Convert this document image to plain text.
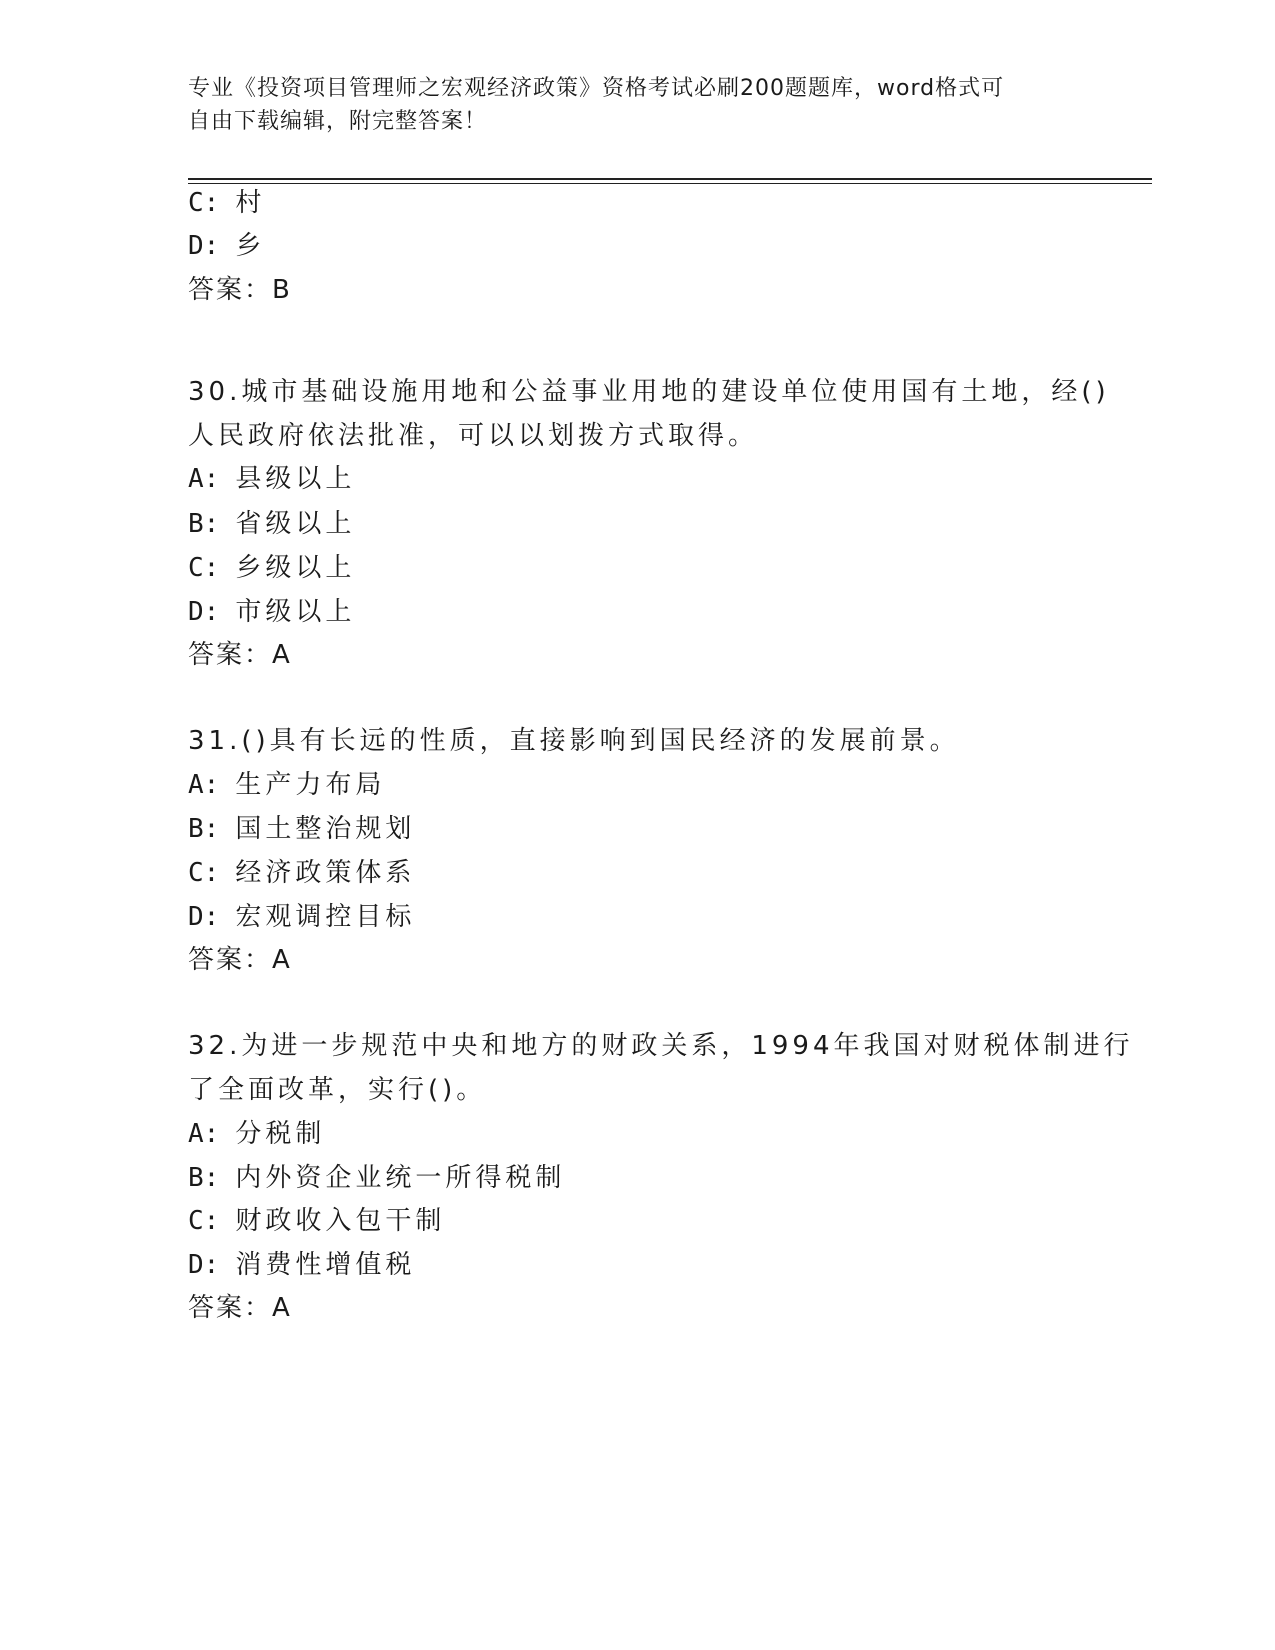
专业《投资项目管理师之宏观经济政策》资格考试必刷200题题库，word格式可
自由下载编辑，附完整答案！
C: 村
D: 乡
答案：B
30.城市基础设施用地和公益事业用地的建设单位使用国有土地，经()
人民政府依法批准，可以以划拨方式取得。
A: 县级以上
B: 省级以上
C: 乡级以上
D: 市级以上
答案：A
31.()具有长远的性质，直接影响到国民经济的发展前景。
A: 生产力布局
B: 国土整治规划
C: 经济政策体系
D: 宏观调控目标
答案：A
32.为进一步规范中央和地方的财政关系，1994年我国对财税体制进行
了全面改革，实行()。
A: 分税制
B: 内外资企业统一所得税制
C: 财政收入包干制
D: 消费性增值税
答案：A
